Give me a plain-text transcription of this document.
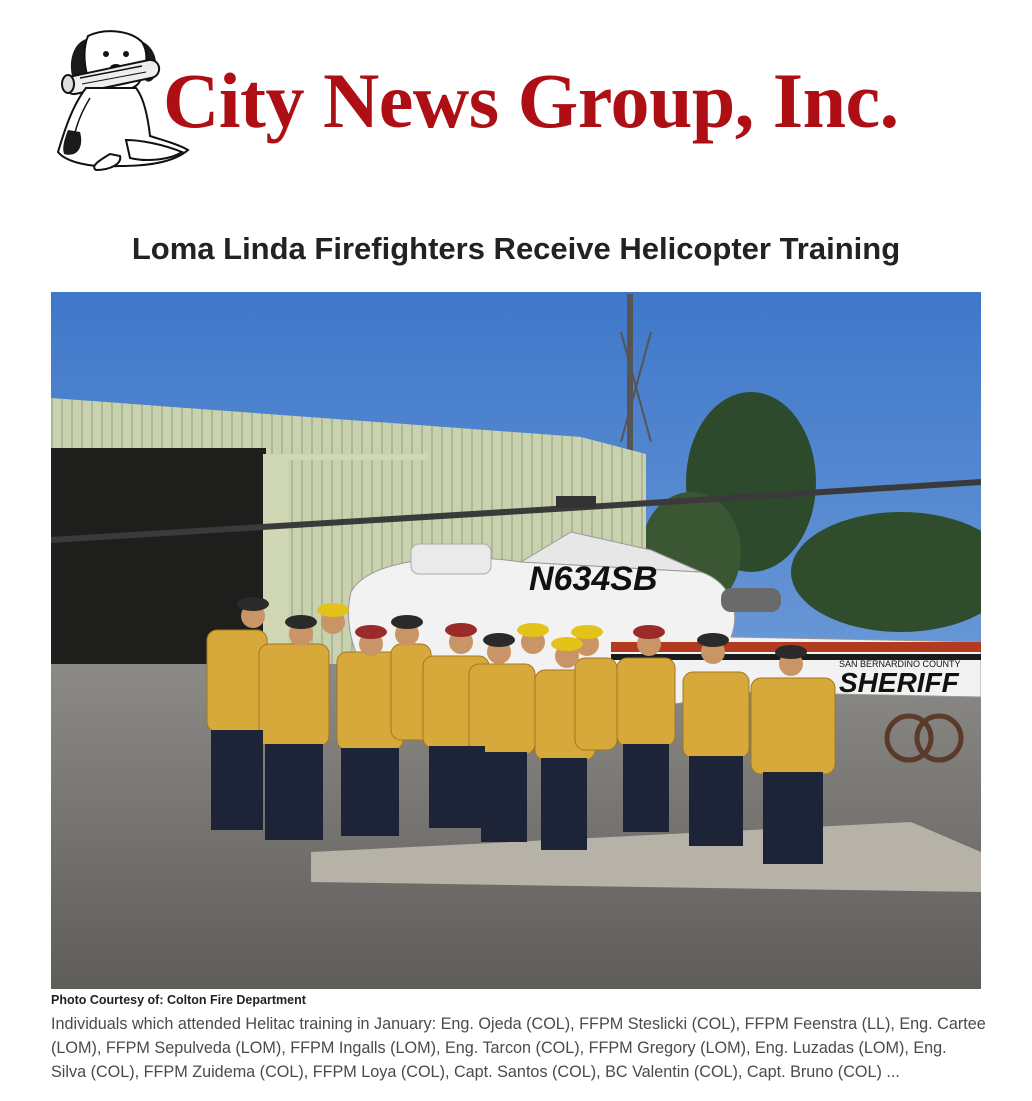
City News Group, Inc.
Loma Linda Firefighters Receive Helicopter Training
N634SB
SAN BERNARDINO COUNTY
SHERIFF
Photo Courtesy of: Colton Fire Department
Individuals which attended Helitac training in January: Eng. Ojeda (COL), FFPM Steslicki (COL), FFPM Feenstra (LL), Eng. Cartee (LOM), FFPM Sepulveda (LOM), FFPM Ingalls (LOM), Eng. Tarcon (COL), FFPM Gregory (LOM), Eng. Luzadas (LOM), Eng. Silva (COL), FFPM Zuidema (COL), FFPM Loya (COL), Capt. Santos (COL), BC Valentin (COL), Capt. Bruno (COL) ...
